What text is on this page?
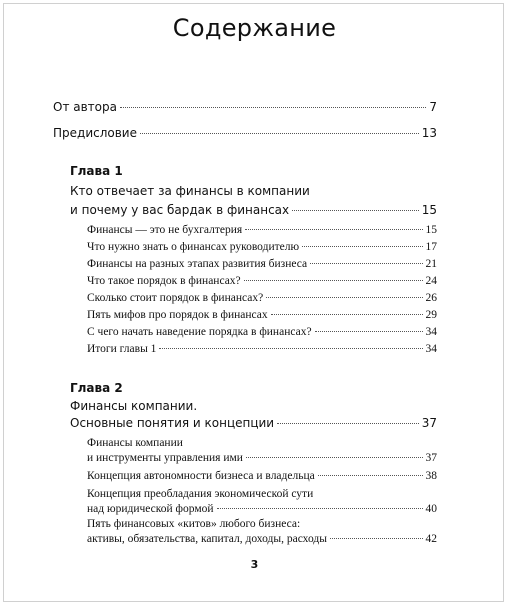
Содержание
От автора	7
Предисловие	13
Глава 1
Кто отвечает за финансы в компании
и почему у вас бардак в финансах	15
Финансы — это не бухгалтерия	15
Что нужно знать о финансах руководителю	17
Финансы на разных этапах развития бизнеса	21
Что такое порядок в финансах?	24
Сколько стоит порядок в финансах?	26
Пять мифов про порядок в финансах	29
С чего начать наведение порядка в финансах?	34
Итоги главы 1	34
Глава 2
Финансы компании.
Основные понятия и концепции	37
Финансы компании
и инструменты управления ими	37
Концепция автономности бизнеса и владельца	38
Концепция преобладания экономической сути
над юридической формой	40
Пять финансовых «китов» любого бизнеса:
активы, обязательства, капитал, доходы, расходы	42
3
